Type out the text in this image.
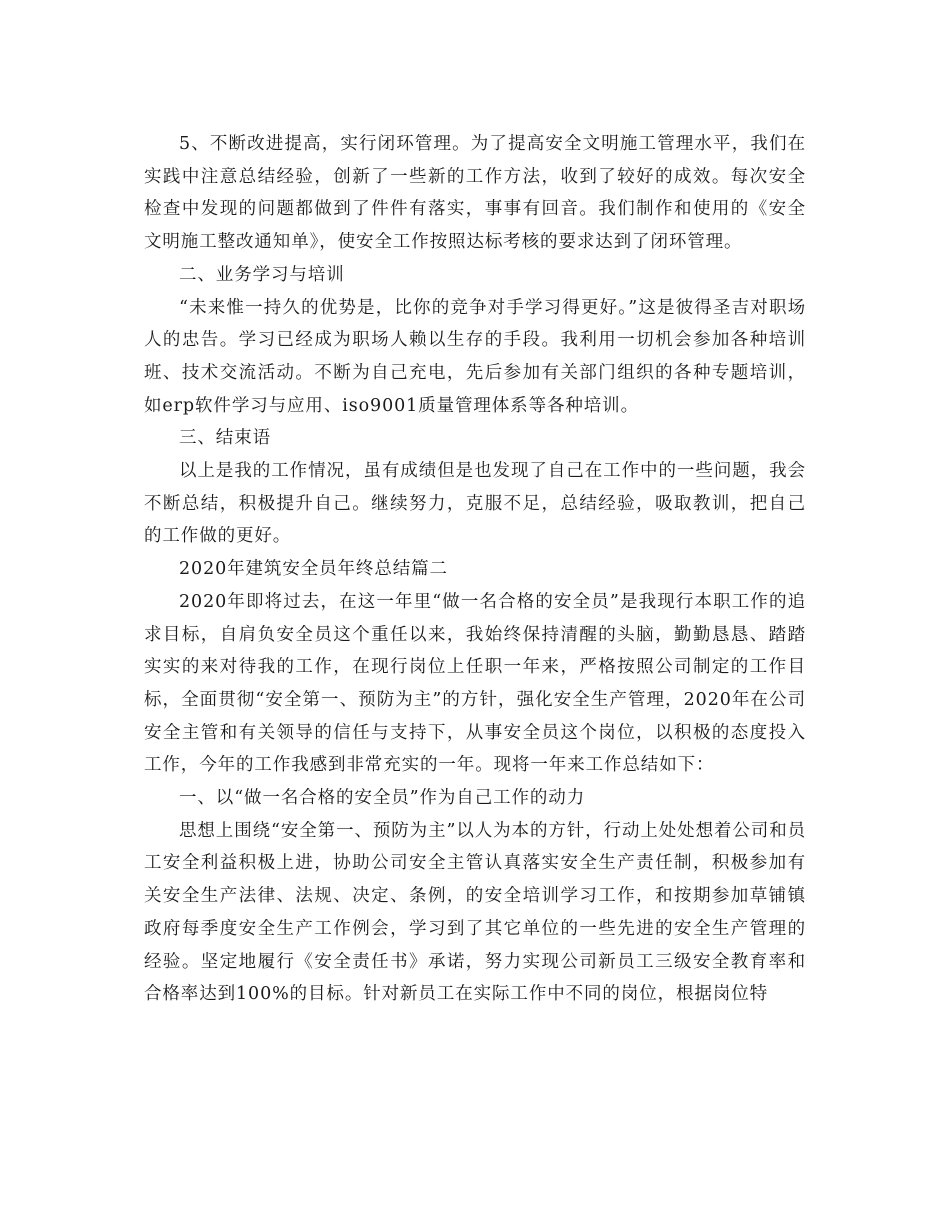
5、不断改进提高，实行闭环管理。为了提高安全文明施工管理水平，我们在实践中注意总结经验，创新了一些新的工作方法，收到了较好的成效。每次安全检查中发现的问题都做到了件件有落实，事事有回音。我们制作和使用的《安全文明施工整改通知单》，使安全工作按照达标考核的要求达到了闭环管理。

二、业务学习与培训

“未来惟一持久的优势是，比你的竞争对手学习得更好。”这是彼得圣吉对职场人的忠告。学习已经成为职场人赖以生存的手段。我利用一切机会参加各种培训班、技术交流活动。不断为自己充电，先后参加有关部门组织的各种专题培训，如erp软件学习与应用、iso9001质量管理体系等各种培训。

三、结束语

以上是我的工作情况，虽有成绩但是也发现了自己在工作中的一些问题，我会不断总结，积极提升自己。继续努力，克服不足，总结经验，吸取教训，把自己的工作做的更好。

2020年建筑安全员年终总结篇二

2020年即将过去，在这一年里“做一名合格的安全员”是我现行本职工作的追求目标，自肩负安全员这个重任以来，我始终保持清醒的头脑，勤勤恳恳、踏踏实实的来对待我的工作，在现行岗位上任职一年来，严格按照公司制定的工作目标，全面贯彻“安全第一、预防为主”的方针，强化安全生产管理，2020年在公司安全主管和有关领导的信任与支持下，从事安全员这个岗位，以积极的态度投入工作，今年的工作我感到非常充实的一年。现将一年来工作总结如下：

一、以“做一名合格的安全员”作为自己工作的动力

思想上围绕“安全第一、预防为主”以人为本的方针，行动上处处想着公司和员工安全利益积极上进，协助公司安全主管认真落实安全生产责任制，积极参加有关安全生产法律、法规、决定、条例，的安全培训学习工作，和按期参加草铺镇政府每季度安全生产工作例会，学习到了其它单位的一些先进的安全生产管理的经验。坚定地履行《安全责任书》承诺，努力实现公司新员工三级安全教育率和合格率达到100%的目标。针对新员工在实际工作中不同的岗位，根据岗位特
